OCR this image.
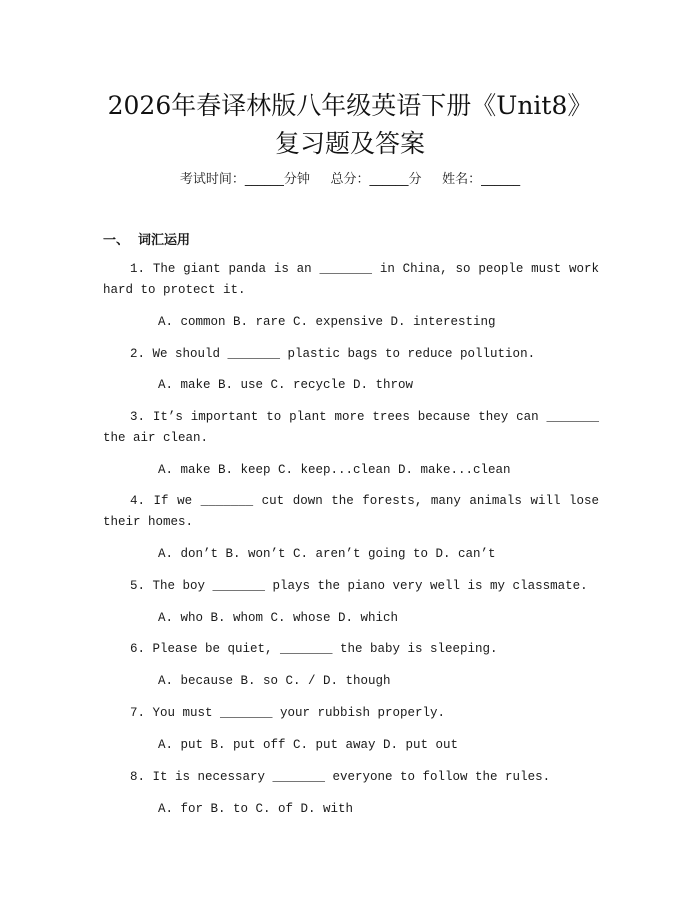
2026年春译林版八年级英语下册《Unit8》
复习题及答案
考试时间：______分钟     总分：______分     姓名：______
一、  词汇运用
1. The giant panda is an _______ in China, so people must work hard to protect it.
A. common B. rare C. expensive D. interesting
2. We should _______ plastic bags to reduce pollution.
A. make B. use C. recycle D. throw
3. It’s important to plant more trees because they can _______ the air clean.
A. make B. keep C. keep...clean D. make...clean
4. If we _______ cut down the forests, many animals will lose their homes.
A. don’t B. won’t C. aren’t going to D. can’t
5. The boy _______ plays the piano very well is my classmate.
A. who B. whom C. whose D. which
6. Please be quiet, _______ the baby is sleeping.
A. because B. so C. / D. though
7. You must _______ your rubbish properly.
A. put B. put off C. put away D. put out
8. It is necessary _______ everyone to follow the rules.
A. for B. to C. of D. with
